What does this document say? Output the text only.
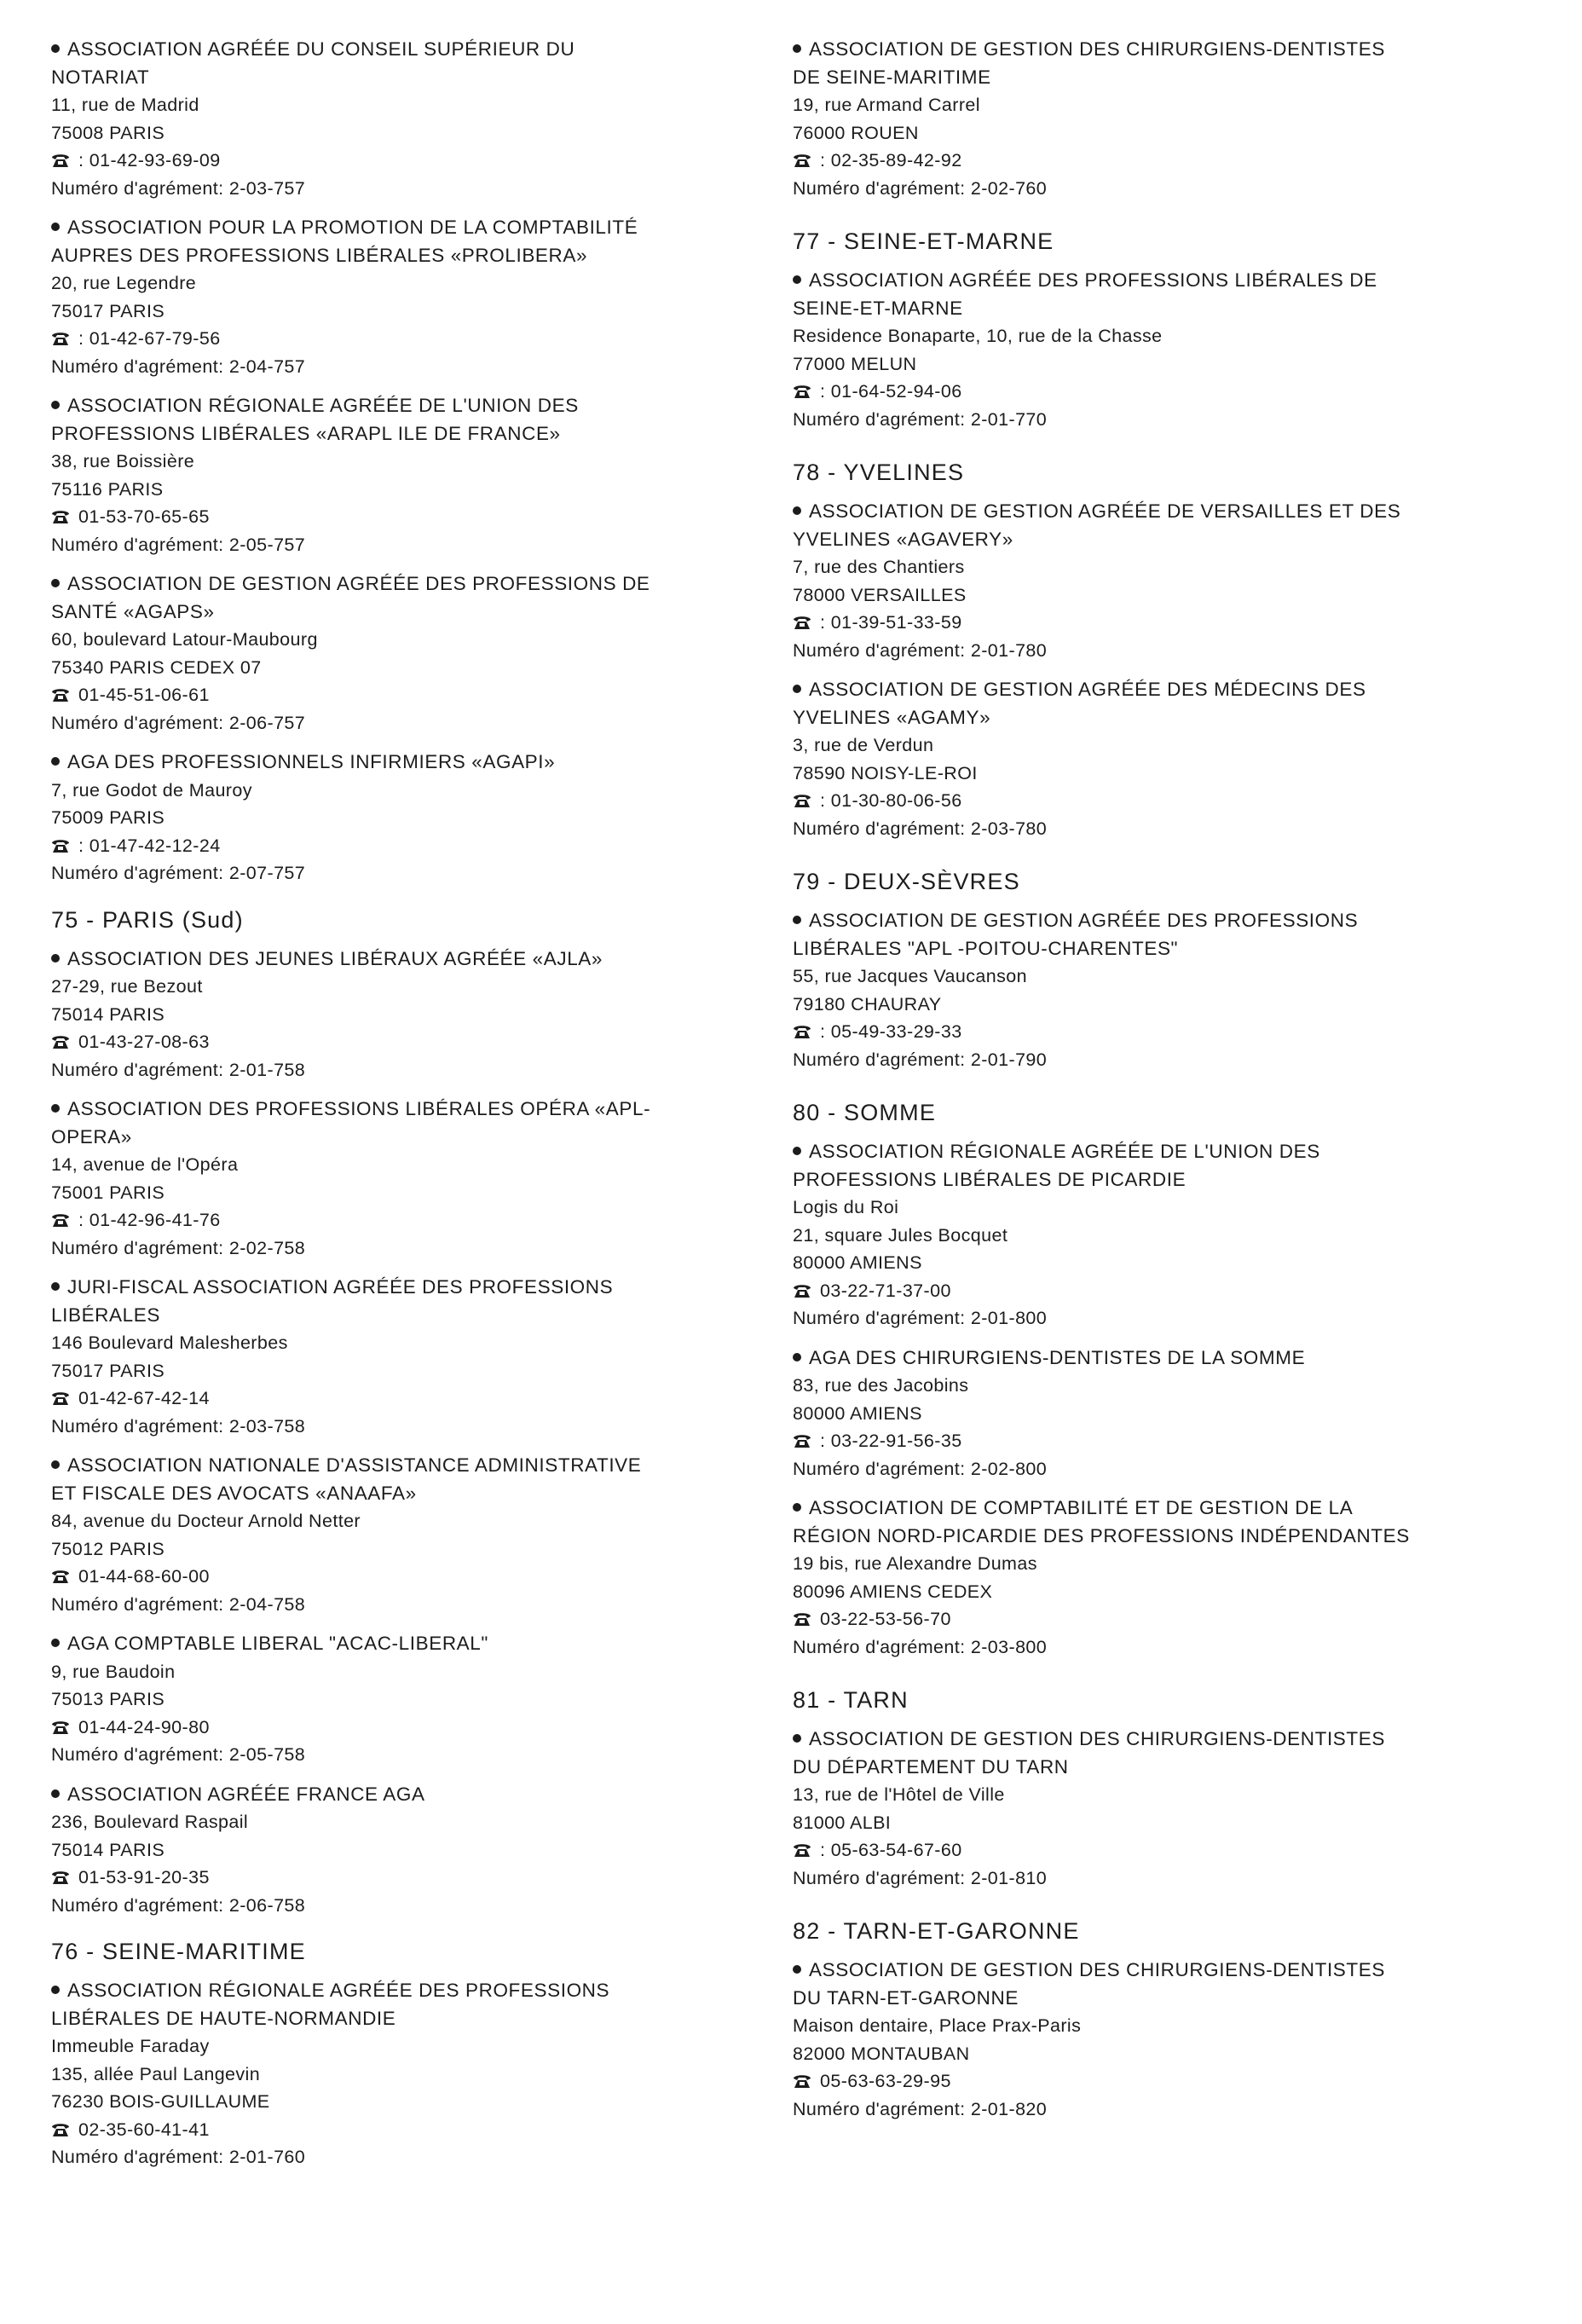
ASSOCIATION AGRÉÉE DU CONSEIL SUPÉRIEUR DU
NOTARIAT
11, rue de Madrid
75008 PARIS
: 01-42-93-69-09
Numéro d'agrément: 2-03-757
ASSOCIATION POUR LA PROMOTION DE LA COMPTABILITÉ
AUPRES DES PROFESSIONS LIBÉRALES «PROLIBERA»
20, rue Legendre
75017 PARIS
: 01-42-67-79-56
Numéro d'agrément: 2-04-757
ASSOCIATION RÉGIONALE AGRÉÉE DE L'UNION DES
PROFESSIONS LIBÉRALES «ARAPL ILE DE FRANCE»
38, rue Boissière
75116 PARIS
01-53-70-65-65
Numéro d'agrément: 2-05-757
ASSOCIATION DE GESTION AGRÉÉE DES PROFESSIONS DE
SANTÉ «AGAPS»
60, boulevard Latour-Maubourg
75340 PARIS CEDEX 07
01-45-51-06-61
Numéro d'agrément: 2-06-757
AGA DES PROFESSIONNELS INFIRMIERS «AGAPI»
7, rue Godot de Mauroy
75009 PARIS
: 01-47-42-12-24
Numéro d'agrément: 2-07-757
75 - PARIS (Sud)
ASSOCIATION DES JEUNES LIBÉRAUX AGRÉÉE «AJLA»
27-29, rue Bezout
75014 PARIS
01-43-27-08-63
Numéro d'agrément: 2-01-758
ASSOCIATION DES PROFESSIONS LIBÉRALES OPÉRA «APL-
OPERA»
14, avenue de l'Opéra
75001 PARIS
: 01-42-96-41-76
Numéro d'agrément: 2-02-758
JURI-FISCAL ASSOCIATION AGRÉÉE DES PROFESSIONS
LIBÉRALES
146 Boulevard Malesherbes
75017 PARIS
01-42-67-42-14
Numéro d'agrément: 2-03-758
ASSOCIATION NATIONALE D'ASSISTANCE ADMINISTRATIVE
ET FISCALE DES AVOCATS «ANAAFA»
84, avenue du Docteur Arnold Netter
75012 PARIS
01-44-68-60-00
Numéro d'agrément: 2-04-758
AGA COMPTABLE LIBERAL "ACAC-LIBERAL"
9, rue Baudoin
75013 PARIS
01-44-24-90-80
Numéro d'agrément: 2-05-758
ASSOCIATION AGRÉÉE FRANCE AGA
236, Boulevard Raspail
75014 PARIS
01-53-91-20-35
Numéro d'agrément: 2-06-758
76 - SEINE-MARITIME
ASSOCIATION RÉGIONALE AGRÉÉE DES PROFESSIONS
LIBÉRALES DE HAUTE-NORMANDIE
Immeuble Faraday
135, allée Paul Langevin
76230 BOIS-GUILLAUME
02-35-60-41-41
Numéro d'agrément: 2-01-760
ASSOCIATION DE GESTION DES CHIRURGIENS-DENTISTES
DE SEINE-MARITIME
19, rue Armand Carrel
76000 ROUEN
: 02-35-89-42-92
Numéro d'agrément: 2-02-760
77 - SEINE-ET-MARNE
ASSOCIATION AGRÉÉE DES PROFESSIONS LIBÉRALES DE
SEINE-ET-MARNE
Residence Bonaparte, 10, rue de la Chasse
77000 MELUN
: 01-64-52-94-06
Numéro d'agrément: 2-01-770
78 - YVELINES
ASSOCIATION DE GESTION AGRÉÉE DE VERSAILLES ET DES
YVELINES «AGAVERY»
7, rue des Chantiers
78000 VERSAILLES
: 01-39-51-33-59
Numéro d'agrément: 2-01-780
ASSOCIATION DE GESTION AGRÉÉE DES MÉDECINS DES
YVELINES «AGAMY»
3, rue de Verdun
78590 NOISY-LE-ROI
: 01-30-80-06-56
Numéro d'agrément: 2-03-780
79 - DEUX-SÈVRES
ASSOCIATION DE GESTION AGRÉÉE DES PROFESSIONS
LIBÉRALES "APL -POITOU-CHARENTES"
55, rue Jacques Vaucanson
79180 CHAURAY
: 05-49-33-29-33
Numéro d'agrément: 2-01-790
80 - SOMME
ASSOCIATION RÉGIONALE AGRÉÉE DE L'UNION DES
PROFESSIONS LIBÉRALES DE PICARDIE
Logis du Roi
21, square Jules Bocquet
80000 AMIENS
03-22-71-37-00
Numéro d'agrément: 2-01-800
AGA DES CHIRURGIENS-DENTISTES DE LA SOMME
83, rue des Jacobins
80000 AMIENS
: 03-22-91-56-35
Numéro d'agrément: 2-02-800
ASSOCIATION DE COMPTABILITÉ ET DE GESTION DE LA
RÉGION NORD-PICARDIE DES PROFESSIONS INDÉPENDANTES
19 bis, rue Alexandre Dumas
80096 AMIENS CEDEX
03-22-53-56-70
Numéro d'agrément: 2-03-800
81 - TARN
ASSOCIATION DE GESTION DES CHIRURGIENS-DENTISTES
DU DÉPARTEMENT DU TARN
13, rue de l'Hôtel de Ville
81000 ALBI
: 05-63-54-67-60
Numéro d'agrément: 2-01-810
82 - TARN-ET-GARONNE
ASSOCIATION DE GESTION DES CHIRURGIENS-DENTISTES
DU TARN-ET-GARONNE
Maison dentaire, Place Prax-Paris
82000 MONTAUBAN
05-63-63-29-95
Numéro d'agrément: 2-01-820
